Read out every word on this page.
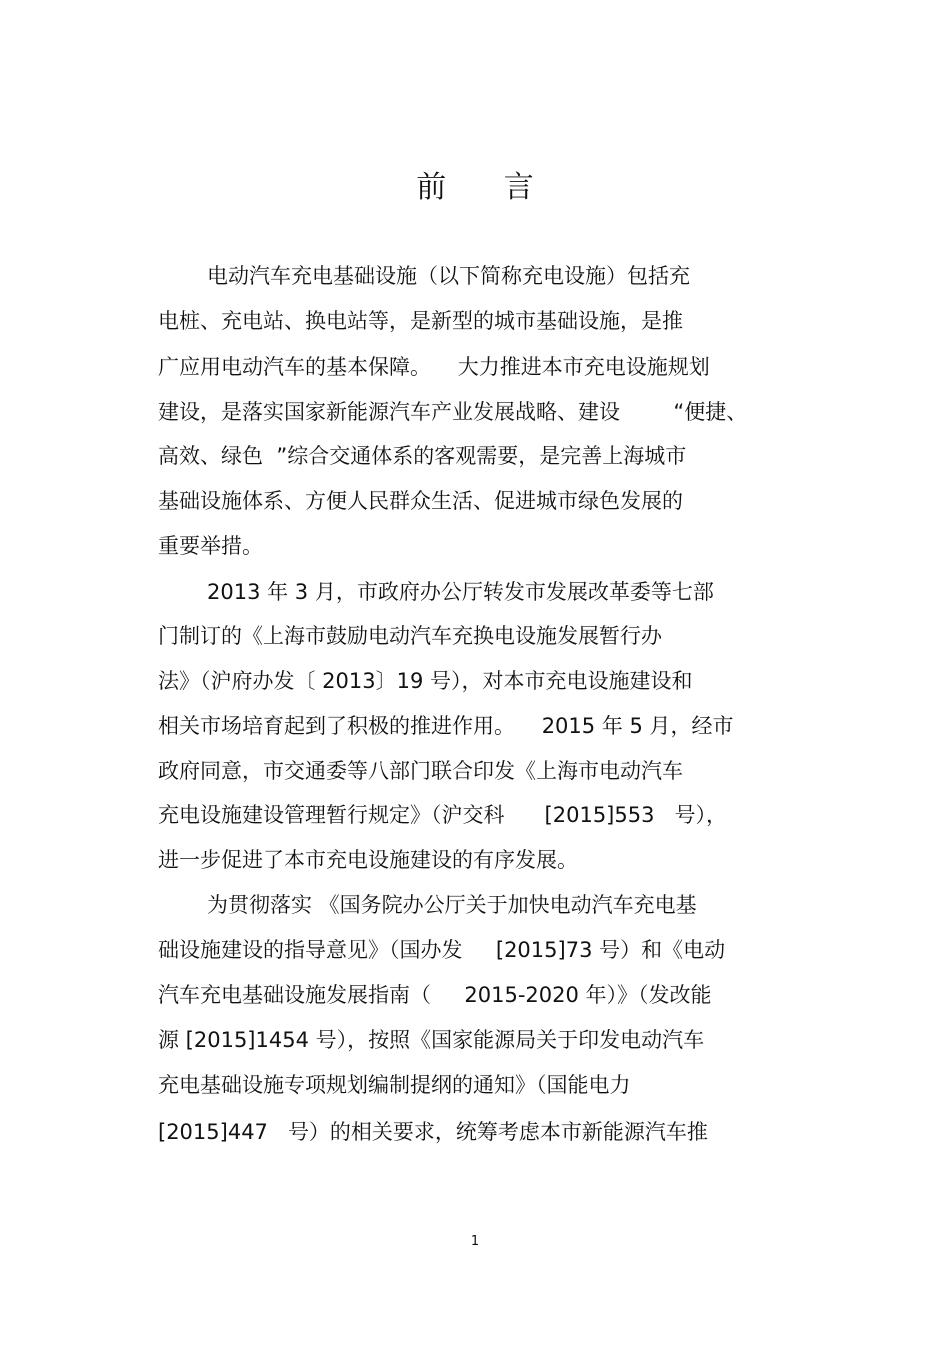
前 言
电动汽车充电基础设施（以下简称充电设施）包括充
电桩、充电站、换电站等，是新型的城市基础设施，是推
广应用电动汽车的基本保障。    大力推进本市充电设施规划
建设，是落实国家新能源汽车产业发展战略、建设        “便捷、
高效、绿色  ”综合交通体系的客观需要，是完善上海城市
基础设施体系、方便人民群众生活、促进城市绿色发展的
重要举措。
2013 年 3 月，市政府办公厅转发市发展改革委等七部
门制订的《上海市鼓励电动汽车充换电设施发展暂行办
法》（沪府办发〔 2013〕19 号），对本市充电设施建设和
相关市场培育起到了积极的推进作用。    2015 年 5 月，经市
政府同意，市交通委等八部门联合印发《上海市电动汽车
充电设施建设管理暂行规定》（沪交科      [2015]553   号），
进一步促进了本市充电设施建设的有序发展。
为贯彻落实 《国务院办公厅关于加快电动汽车充电基
础设施建设的指导意见》（国办发     [2015]73 号）和《电动
汽车充电基础设施发展指南（     2015-2020 年）》（发改能
源 [2015]1454 号），按照《国家能源局关于印发电动汽车
充电基础设施专项规划编制提纲的通知》（国能电力
[2015]447   号）的相关要求，统筹考虑本市新能源汽车推
1
